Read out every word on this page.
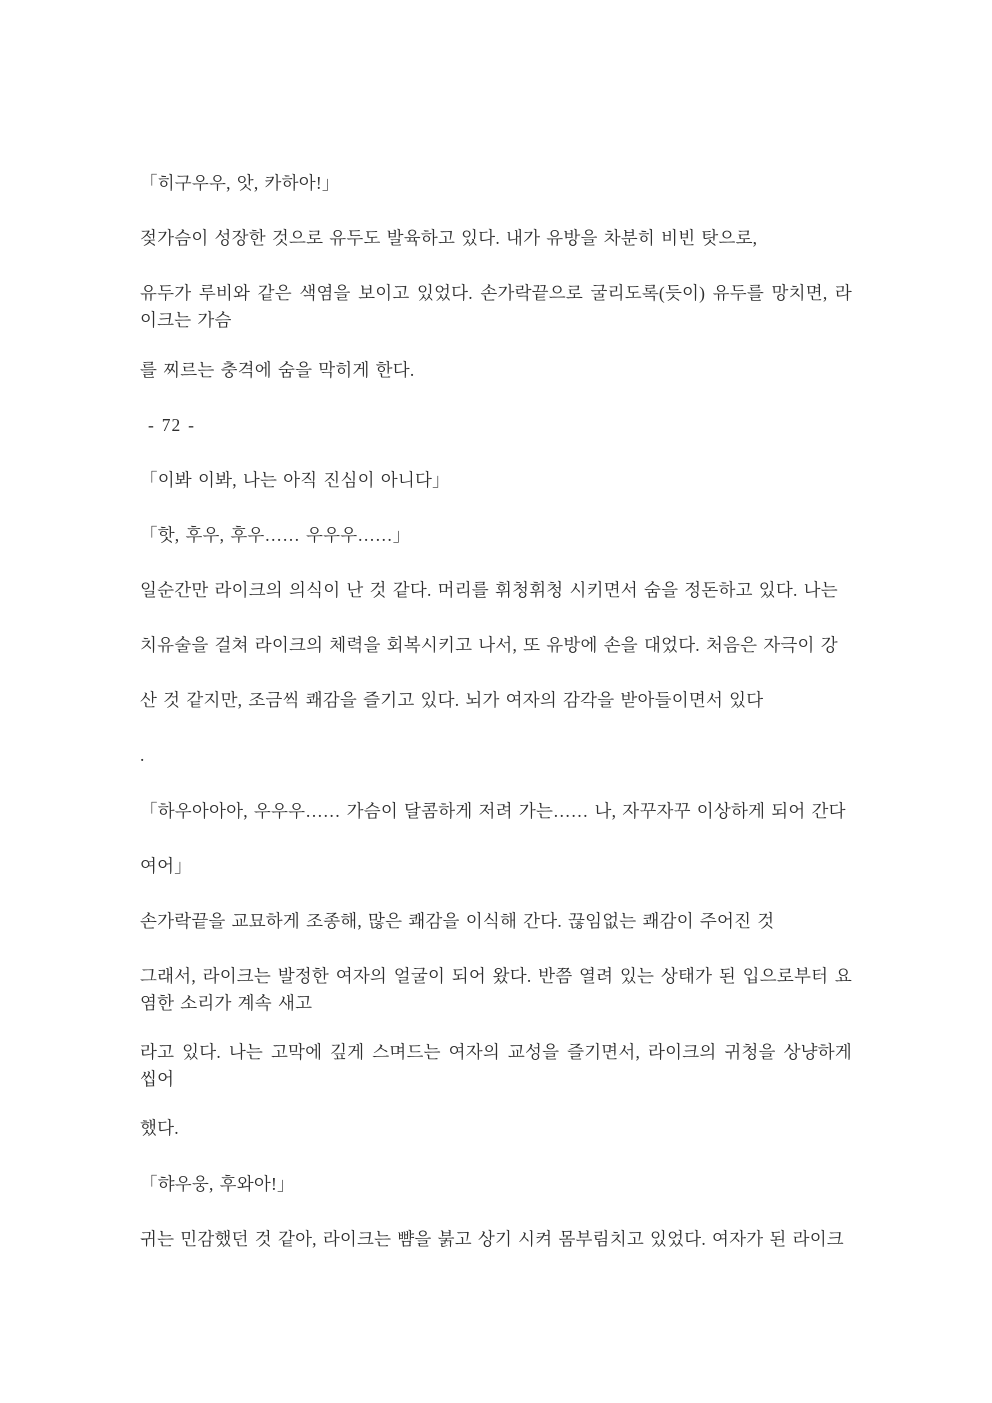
「히구우우, 앗, 카하아!」

젖가슴이 성장한 것으로 유두도 발육하고 있다. 내가 유방을 차분히 비빈 탓으로,

유두가 루비와 같은 색염을 보이고 있었다. 손가락끝으로 굴리도록(듯이) 유두를 망치면, 라이크는 가슴

를 찌르는 충격에 숨을 막히게 한다.

- 72 -

「이봐 이봐, 나는 아직 진심이 아니다」

「핫, 후우, 후우…… 우우우……」

일순간만 라이크의 의식이 난 것 같다. 머리를 휘청휘청 시키면서 숨을 정돈하고 있다. 나는

치유술을 걸쳐 라이크의 체력을 회복시키고 나서, 또 유방에 손을 대었다. 처음은 자극이 강

산 것 같지만, 조금씩 쾌감을 즐기고 있다. 뇌가 여자의 감각을 받아들이면서 있다

.

「하우아아아, 우우우…… 가슴이 달콤하게 저려 가는…… 나, 자꾸자꾸 이상하게 되어 간다

여어」

손가락끝을 교묘하게 조종해, 많은 쾌감을 이식해 간다. 끊임없는 쾌감이 주어진 것

그래서, 라이크는 발정한 여자의 얼굴이 되어 왔다. 반쯤 열려 있는 상태가 된 입으로부터 요염한 소리가 계속 새고

라고 있다. 나는 고막에 깊게 스며드는 여자의 교성을 즐기면서, 라이크의 귀청을 상냥하게 씹어

했다.

「햐우웅, 후와아!」

귀는 민감했던 것 같아, 라이크는 뺨을 붉고 상기 시켜 몸부림치고 있었다. 여자가 된 라이크
